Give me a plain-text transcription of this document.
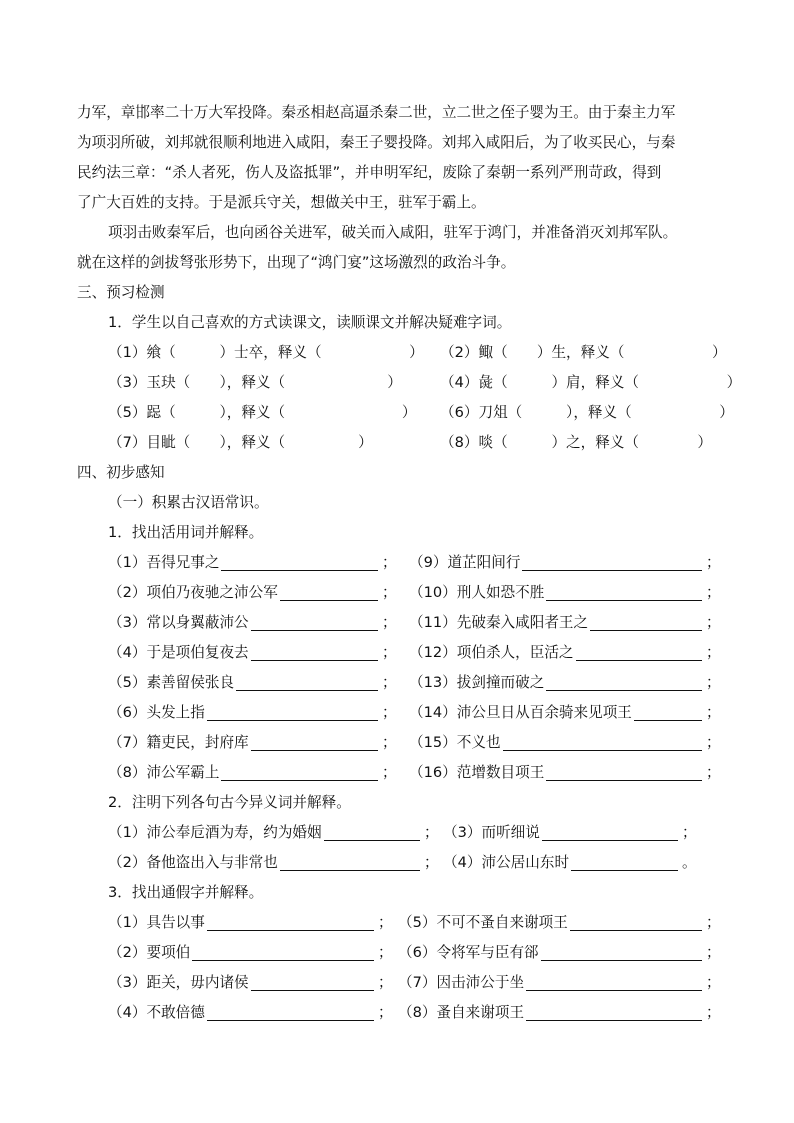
力军，章邯率二十万大军投降。秦丞相赵高逼杀秦二世，立二世之侄子婴为王。由于秦主力军
为项羽所破，刘邦就很顺利地进入咸阳，秦王子婴投降。刘邦入咸阳后，为了收买民心，与秦
民约法三章：“杀人者死，伤人及盗抵罪”，并申明军纪，废除了秦朝一系列严刑苛政，得到
了广大百姓的支持。于是派兵守关，想做关中王，驻军于霸上。
项羽击败秦军后，也向函谷关进军，破关而入咸阳，驻军于鸿门，并准备消灭刘邦军队。
就在这样的剑拔弩张形势下，出现了“鸿门宴”这场激烈的政治斗争。
三、预习检测
1．学生以自己喜欢的方式读课文，读顺课文并解决疑难字词。
（1）飨（　　　）士卒，释义（　　　　　　） （2）鲰（　　）生，释义（　　　　　　）
（3）玉玦（　　），释义（　　　　　　　）	（4）彘（　　　）肩，释义（　　　　　　）
（5）跽（　　　），释义（　　　　　　　　） （6）刀俎（　　　），释义（　　　　　　）
（7）目眦（　　），释义（　　　　　）	（8）啖（　　　）之，释义（　　　　）
四、初步感知
（一）积累古汉语常识。
1．找出活用词并解释。
（1）吾得兄事之	； （9）道芷阳间行	；
（2）项伯乃夜驰之沛公军	； （10）刑人如恐不胜	；
（3）常以身翼蔽沛公	； （11）先破秦入咸阳者王之	；
（4）于是项伯复夜去	； （12）项伯杀人，臣活之	；
（5）素善留侯张良	； （13）拔剑撞而破之	；
（6）头发上指	； （14）沛公旦日从百余骑来见项王	；
（7）籍吏民，封府库	； （15）不义也	；
（8）沛公军霸上	； （16）范增数目项王	；
2．注明下列各句古今异义词并解释。
（1）沛公奉卮酒为寿，约为婚姻	； （3）而听细说	；
（2）备他盗出入与非常也	； （4）沛公居山东时	。
3．找出通假字并解释。
（1）具告以事	； （5）不可不蚤自来谢项王	；
（2）要项伯	； （6）令将军与臣有郤	；
（3）距关，毋内诸侯	； （7）因击沛公于坐	；
（4）不敢倍德	； （8）蚤自来谢项王	；
